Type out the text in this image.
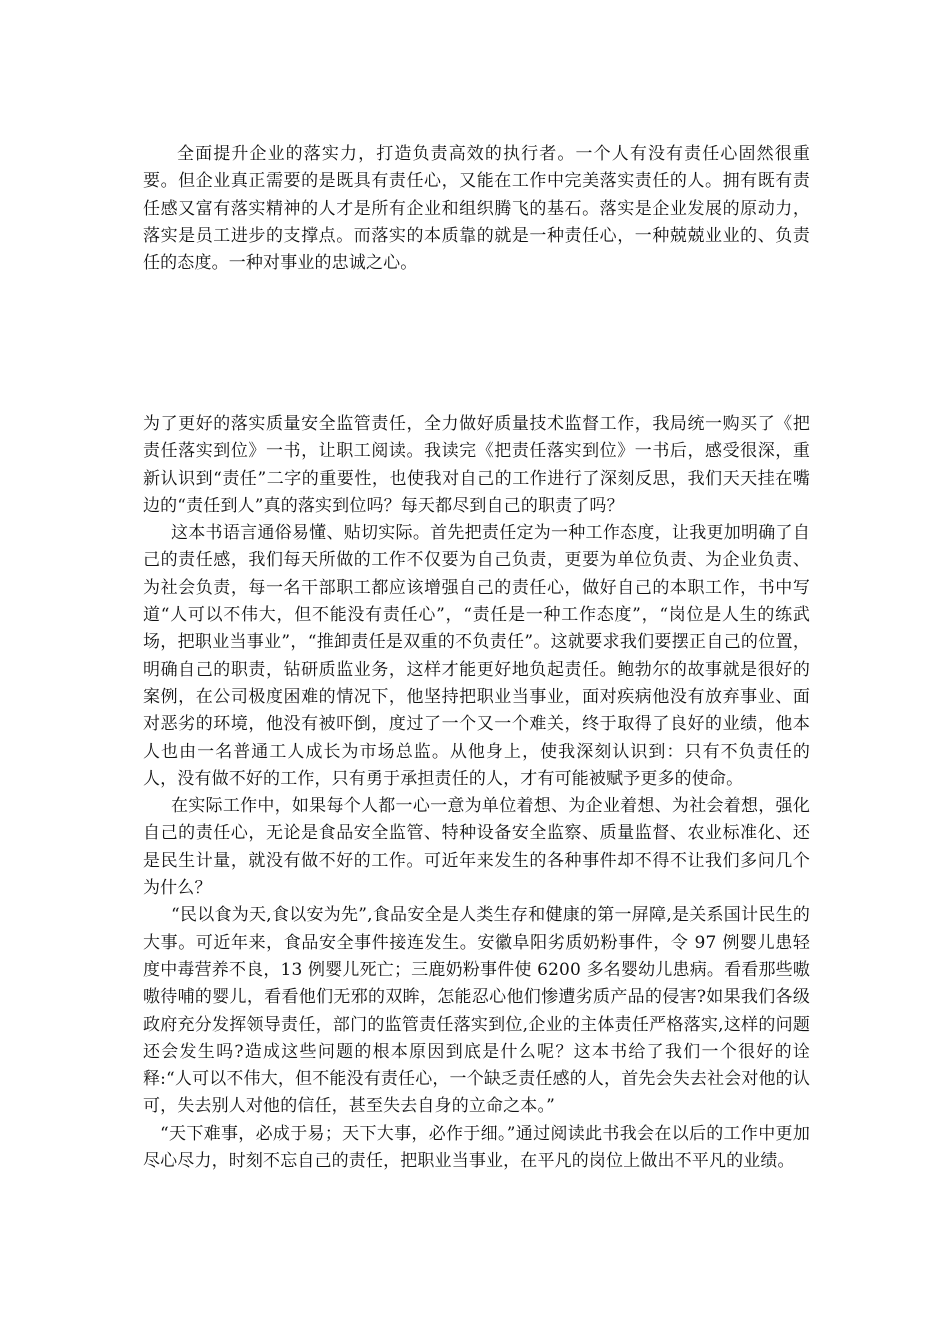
全面提升企业的落实力，打造负责高效的执行者。一个人有没有责任心固然很重要。但企业真正需要的是既具有责任心，又能在工作中完美落实责任的人。拥有既有责任感又富有落实精神的人才是所有企业和组织腾飞的基石。落实是企业发展的原动力，落实是员工进步的支撑点。而落实的本质靠的就是一种责任心，一种兢兢业业的、负责任的态度。一种对事业的忠诚之心。

为了更好的落实质量安全监管责任，全力做好质量技术监督工作，我局统一购买了《把责任落实到位》一书，让职工阅读。我读完《把责任落实到位》一书后，感受很深，重新认识到“责任”二字的重要性，也使我对自己的工作进行了深刻反思，我们天天挂在嘴边的“责任到人”真的落实到位吗？每天都尽到自己的职责了吗？

这本书语言通俗易懂、贴切实际。首先把责任定为一种工作态度，让我更加明确了自己的责任感，我们每天所做的工作不仅要为自己负责，更要为单位负责、为企业负责、为社会负责，每一名干部职工都应该增强自己的责任心，做好自己的本职工作，书中写道“人可以不伟大，但不能没有责任心”，“责任是一种工作态度”，“岗位是人生的练武场，把职业当事业”，“推卸责任是双重的不负责任”。这就要求我们要摆正自己的位置，明确自己的职责，钻研质监业务，这样才能更好地负起责任。鲍勃尔的故事就是很好的案例，在公司极度困难的情况下，他坚持把职业当事业，面对疾病他没有放弃事业、面对恶劣的环境，他没有被吓倒，度过了一个又一个难关，终于取得了良好的业绩，他本人也由一名普通工人成长为市场总监。从他身上，使我深刻认识到：只有不负责任的人，没有做不好的工作，只有勇于承担责任的人，才有可能被赋予更多的使命。

在实际工作中，如果每个人都一心一意为单位着想、为企业着想、为社会着想，强化自己的责任心，无论是食品安全监管、特种设备安全监察、质量监督、农业标准化、还是民生计量，就没有做不好的工作。可近年来发生的各种事件却不得不让我们多问几个为什么？

“民以食为天,食以安为先”,食品安全是人类生存和健康的第一屏障,是关系国计民生的大事。可近年来，食品安全事件接连发生。安徽阜阳劣质奶粉事件，令 97 例婴儿患轻度中毒营养不良，13 例婴儿死亡；三鹿奶粉事件使 6200 多名婴幼儿患病。看看那些嗷嗷待哺的婴儿，看看他们无邪的双眸，怎能忍心他们惨遭劣质产品的侵害?如果我们各级政府充分发挥领导责任，部门的监管责任落实到位,企业的主体责任严格落实,这样的问题还会发生吗?造成这些问题的根本原因到底是什么呢？这本书给了我们一个很好的诠释:“人可以不伟大，但不能没有责任心，一个缺乏责任感的人，首先会失去社会对他的认可，失去别人对他的信任，甚至失去自身的立命之本。”

“天下难事，必成于易；天下大事，必作于细。”通过阅读此书我会在以后的工作中更加尽心尽力，时刻不忘自己的责任，把职业当事业，在平凡的岗位上做出不平凡的业绩。
